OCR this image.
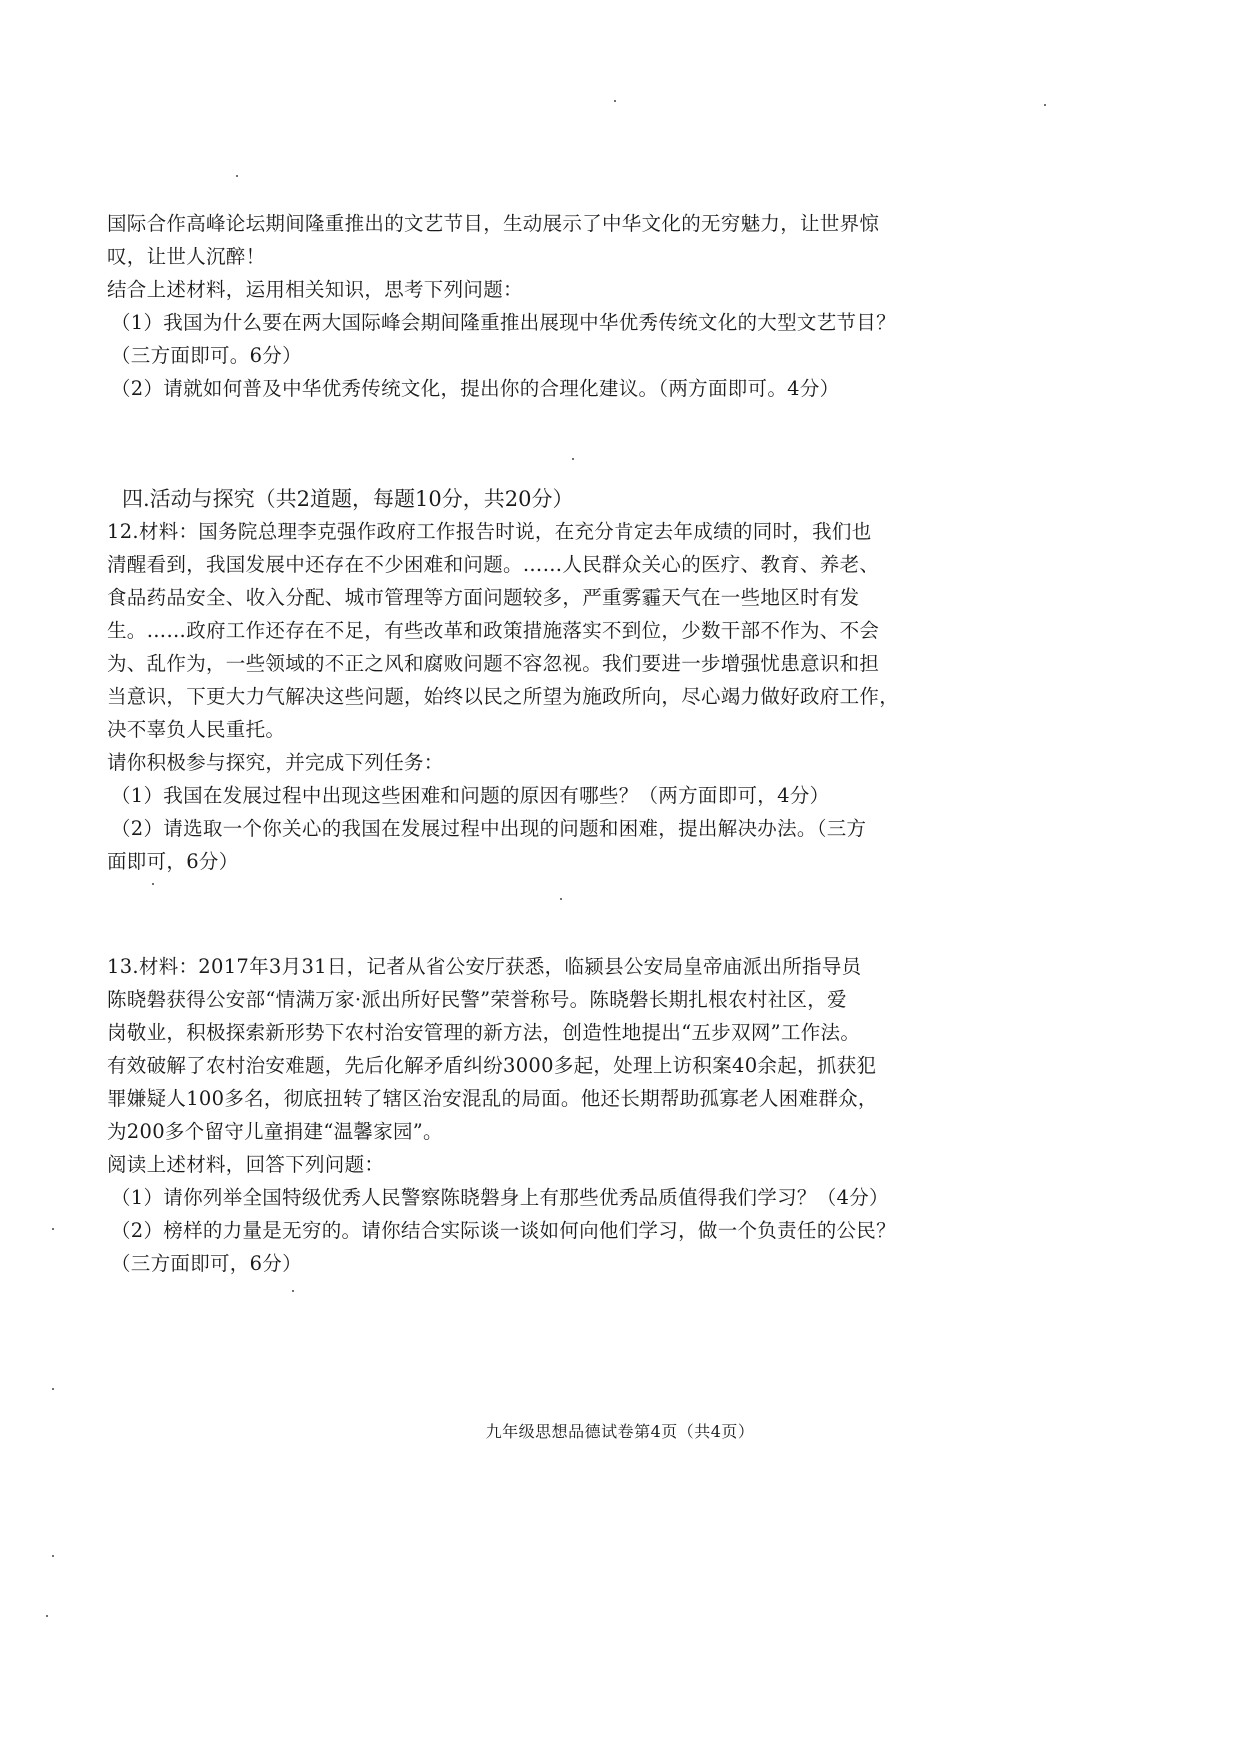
国际合作高峰论坛期间隆重推出的文艺节目，生动展示了中华文化的无穷魅力，让世界惊
叹，让世人沉醉！
结合上述材料，运用相关知识，思考下列问题：
（1）我国为什么要在两大国际峰会期间隆重推出展现中华优秀传统文化的大型文艺节目？
（三方面即可。6分）
（2）请就如何普及中华优秀传统文化，提出你的合理化建议。（两方面即可。4分）
四.活动与探究（共2道题，每题10分，共20分）
12.材料：国务院总理李克强作政府工作报告时说，在充分肯定去年成绩的同时，我们也
清醒看到，我国发展中还存在不少困难和问题。……人民群众关心的医疗、教育、养老、
食品药品安全、收入分配、城市管理等方面问题较多，严重雾霾天气在一些地区时有发
生。……政府工作还存在不足，有些改革和政策措施落实不到位，少数干部不作为、不会
为、乱作为，一些领域的不正之风和腐败问题不容忽视。我们要进一步增强忧患意识和担
当意识，下更大力气解决这些问题，始终以民之所望为施政所向，尽心竭力做好政府工作，
决不辜负人民重托。
请你积极参与探究，并完成下列任务：
（1）我国在发展过程中出现这些困难和问题的原因有哪些？（两方面即可，4分）
（2）请选取一个你关心的我国在发展过程中出现的问题和困难，提出解决办法。（三方
面即可，6分）
13.材料：2017年3月31日，记者从省公安厅获悉，临颍县公安局皇帝庙派出所指导员
陈晓磐获得公安部“情满万家·派出所好民警”荣誉称号。陈晓磐长期扎根农村社区，爱
岗敬业，积极探索新形势下农村治安管理的新方法，创造性地提出“五步双网”工作法。
有效破解了农村治安难题，先后化解矛盾纠纷3000多起，处理上访积案40余起，抓获犯
罪嫌疑人100多名，彻底扭转了辖区治安混乱的局面。他还长期帮助孤寡老人困难群众，
为200多个留守儿童捐建“温馨家园”。
阅读上述材料，回答下列问题：
（1）请你列举全国特级优秀人民警察陈晓磐身上有那些优秀品质值得我们学习？（4分）
（2）榜样的力量是无穷的。请你结合实际谈一谈如何向他们学习，做一个负责任的公民？
（三方面即可，6分）
九年级思想品德试卷第4页（共4页）
